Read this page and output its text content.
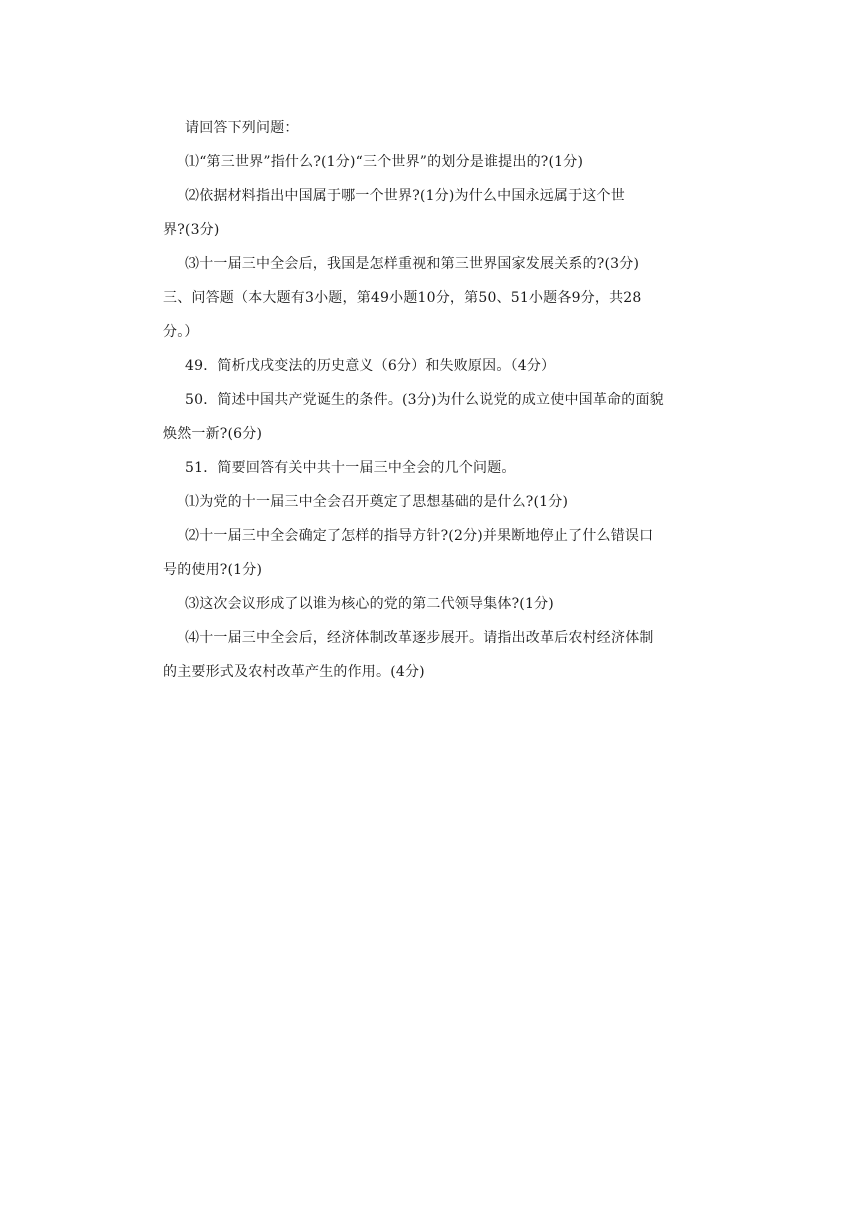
请回答下列问题：
⑴“第三世界”指什么?(1分)“三个世界”的划分是谁提出的?(1分)
⑵依据材料指出中国属于哪一个世界?(1分)为什么中国永远属于这个世
界?(3分)
⑶十一届三中全会后，我国是怎样重视和第三世界国家发展关系的?(3分)
三、问答题（本大题有3小题，第49小题10分，第50、51小题各9分，共28
分。）
49．简析戊戌变法的历史意义（6分）和失败原因。（4分）
50．简述中国共产党诞生的条件。(3分)为什么说党的成立使中国革命的面貌
焕然一新?(6分)
51．简要回答有关中共十一届三中全会的几个问题。
⑴为党的十一届三中全会召开奠定了思想基础的是什么?(1分)
⑵十一届三中全会确定了怎样的指导方针?(2分)并果断地停止了什么错误口
号的使用?(1分)
⑶这次会议形成了以谁为核心的党的第二代领导集体?(1分)
⑷十一届三中全会后，经济体制改革逐步展开。请指出改革后农村经济体制
的主要形式及农村改革产生的作用。(4分)
